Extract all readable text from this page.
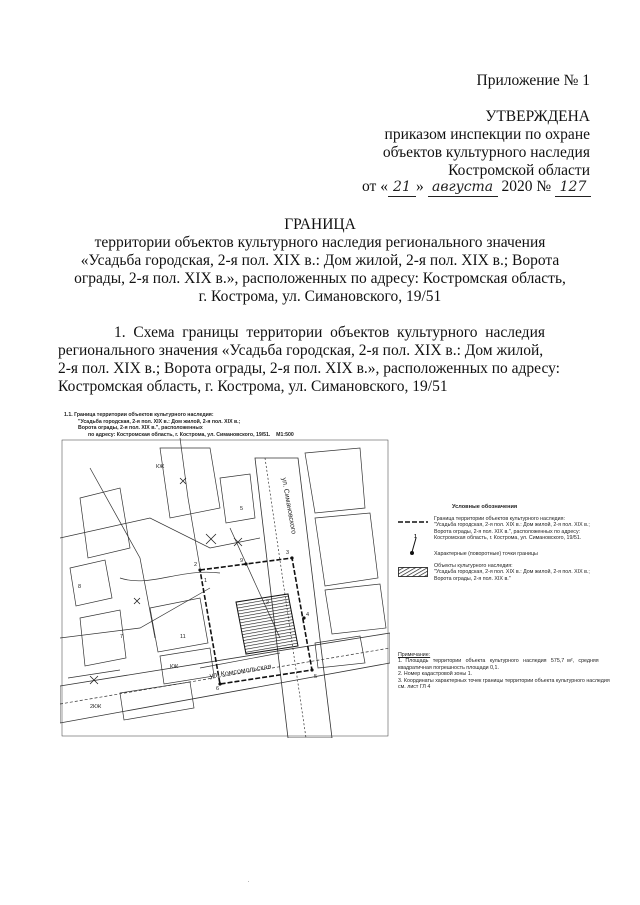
Приложение № 1
УТВЕРЖДЕНА
приказом инспекции по охране
объектов культурного наследия
Костромской области
от « 21 » августа 2020 № 127
ГРАНИЦА
территории объектов культурного наследия регионального значения
«Усадьба городская, 2-я пол. XIX в.: Дом жилой, 2-я пол. XIX в.; Ворота
ограды, 2-я пол. XIX в.», расположенных по адресу: Костромская область,
г. Кострома, ул. Симановского, 19/51
1.  Схема  границы  территории  объектов  культурного  наследия
регионального значения «Усадьба городская, 2-я пол. XIX в.: Дом жилой,
2-я пол. XIX в.; Ворота ограды, 2-я пол. XIX в.», расположенных по адресу:
Костромская область, г. Кострома, ул. Симановского, 19/51
1.1. Граница территории объектов культурного наследия:
"Усадьба городская, 2-я пол. XIX в.: Дом жилой, 2-я пол. XIX в.;
Ворота ограды, 2-я пол. XIX в.", расположенных
по адресу: Костромская область, г. Кострома, ул. Симановского, 19/51. М1:500
ул. Симановского
ул. Комсомольская
КЖ
2
3
4
5
6
7
8
9
1
11
2КЖ
КЖ
5
2
Условные обозначения
Граница территории объектов культурного наследия:
"Усадьба городская, 2-я пол. XIX в.: Дом жилой, 2-я пол. XIX в.;
Ворота ограды, 2-я пол. XIX в.", расположенных по адресу:
Костромская область, г. Кострома, ул. Симановского, 19/51.
1
Характерные (поворотные) точки границы
Объекты культурного наследия:
"Усадьба городская, 2-я пол. XIX в.: Дом жилой, 2-я пол. XIX в.;
Ворота ограды, 2-я пол. XIX в."
Примечание:
1.  Площадь   территории   объекта   культурного   наследия   575,7  м²,   средняя
квадратичная погрешность площади 0,1.
2. Номер кадастровой зоны 1.
3. Координаты характерных точек границы территории объекта культурного наследия
см. лист ГЛ 4
.
